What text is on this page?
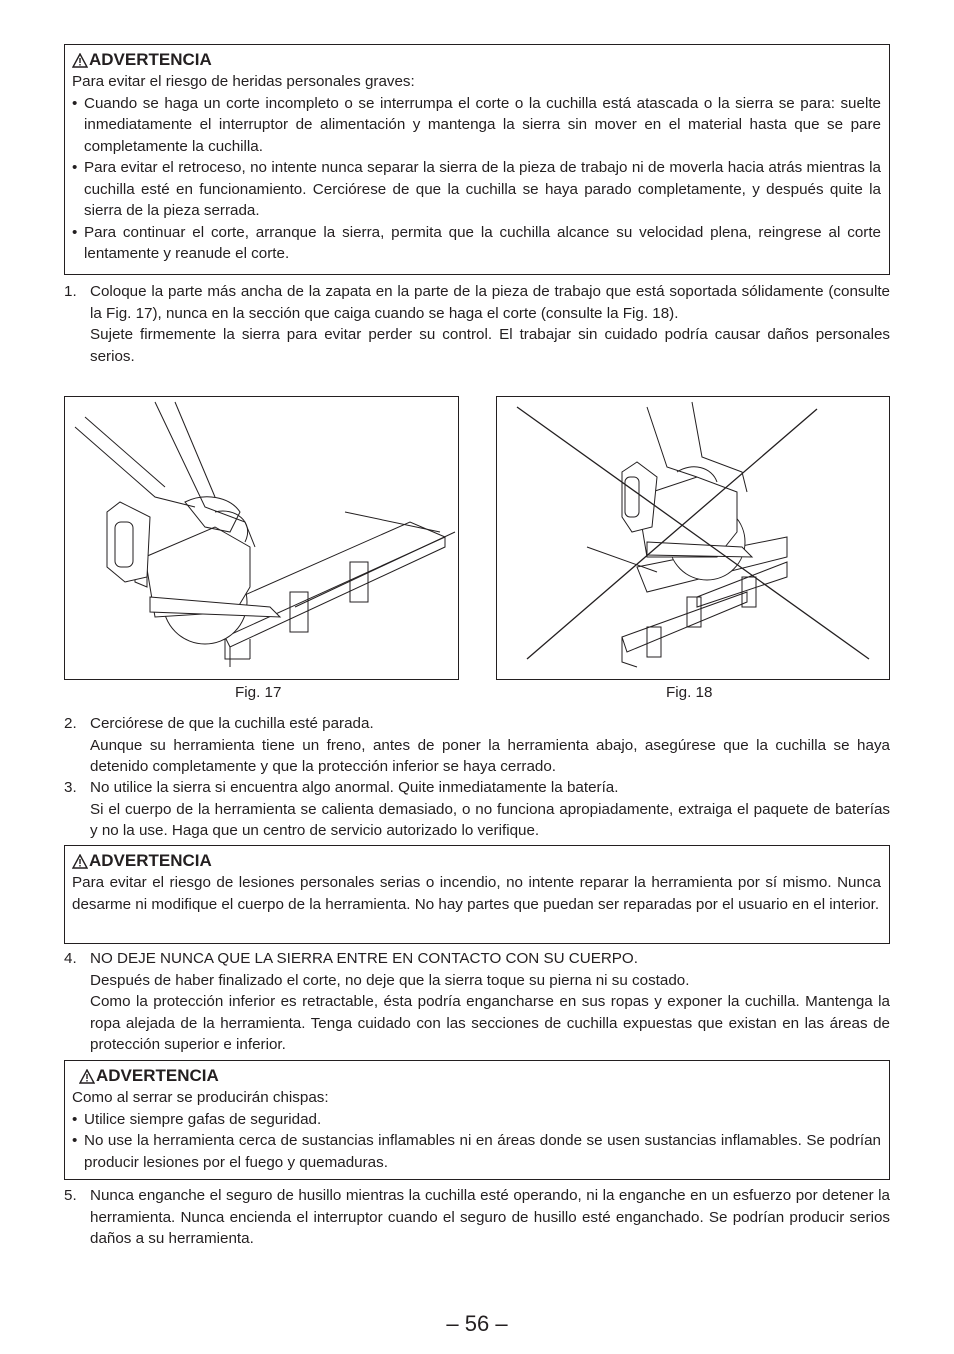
ADVERTENCIA
Para evitar el riesgo de heridas personales graves:
• Cuando se haga un corte incompleto o se interrumpa el corte o la cuchilla está atascada o la sierra se para: suelte inmediatamente el interruptor de alimentación y mantenga la sierra sin mover en el material hasta que se pare completamente la cuchilla.
• Para evitar el retroceso, no intente nunca separar la sierra de la pieza de trabajo ni de moverla hacia atrás mientras la cuchilla esté en funcionamiento. Cerciórese de que la cuchilla se haya parado completamente, y después quite la sierra de la pieza serrada.
• Para continuar el corte, arranque la sierra, permita que la cuchilla alcance su velocidad plena, reingrese al corte lentamente y reanude el corte.
1. Coloque la parte más ancha de la zapata en la parte de la pieza de trabajo que está soportada sólidamente (consulte la Fig. 17), nunca en la sección que caiga cuando se haga el corte (consulte la Fig. 18).
Sujete firmemente la sierra para evitar perder su control. El trabajar sin cuidado podría causar daños personales serios.
Fig. 17	Fig. 18
2. Cerciórese de que la cuchilla esté parada.
Aunque su herramienta tiene un freno, antes de poner la herramienta abajo, asegúrese que la cuchilla se haya detenido completamente y que la protección inferior se haya cerrado.
3. No utilice la sierra si encuentra algo anormal. Quite inmediatamente la batería.
Si el cuerpo de la herramienta se calienta demasiado, o no funciona apropiadamente, extraiga el paquete de baterías y no la use. Haga que un centro de servicio autorizado lo verifique.
ADVERTENCIA
Para evitar el riesgo de lesiones personales serias o incendio, no intente reparar la herramienta por sí mismo. Nunca desarme ni modifique el cuerpo de la herramienta. No hay partes que puedan ser reparadas por el usuario en el interior.
4. NO DEJE NUNCA QUE LA SIERRA ENTRE EN CONTACTO CON SU CUERPO.
Después de haber finalizado el corte, no deje que la sierra toque su pierna ni su costado.
Como la protección inferior es retractable, ésta podría engancharse en sus ropas y exponer la cuchilla. Mantenga la ropa alejada de la herramienta. Tenga cuidado con las secciones de cuchilla expuestas que existan en las áreas de protección superior e inferior.
ADVERTENCIA
Como al serrar se producirán chispas:
• Utilice siempre gafas de seguridad.
• No use la herramienta cerca de sustancias inflamables ni en áreas donde se usen sustancias inflamables. Se podrían producir lesiones por el fuego y quemaduras.
5. Nunca enganche el seguro de husillo mientras la cuchilla esté operando, ni la enganche en un esfuerzo por detener la herramienta. Nunca encienda el interruptor cuando el seguro de husillo esté enganchado. Se podrían producir serios daños a su herramienta.
– 56 –
